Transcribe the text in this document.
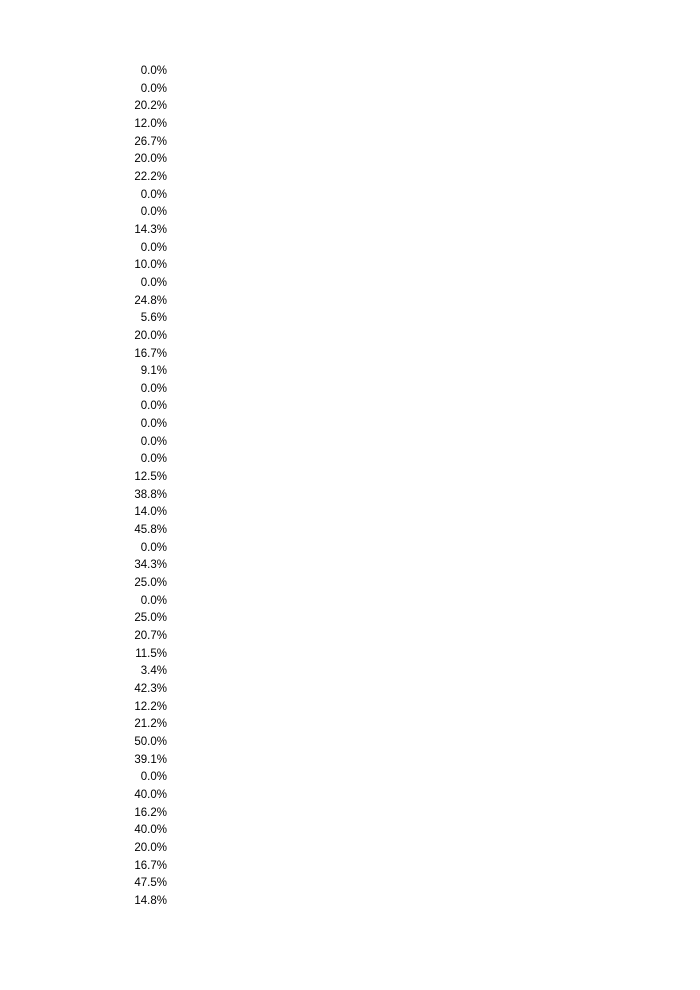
0.0%
0.0%
20.2%
12.0%
26.7%
20.0%
22.2%
0.0%
0.0%
14.3%
0.0%
10.0%
0.0%
24.8%
5.6%
20.0%
16.7%
9.1%
0.0%
0.0%
0.0%
0.0%
0.0%
12.5%
38.8%
14.0%
45.8%
0.0%
34.3%
25.0%
0.0%
25.0%
20.7%
11.5%
3.4%
42.3%
12.2%
21.2%
50.0%
39.1%
0.0%
40.0%
16.2%
40.0%
20.0%
16.7%
47.5%
14.8%
